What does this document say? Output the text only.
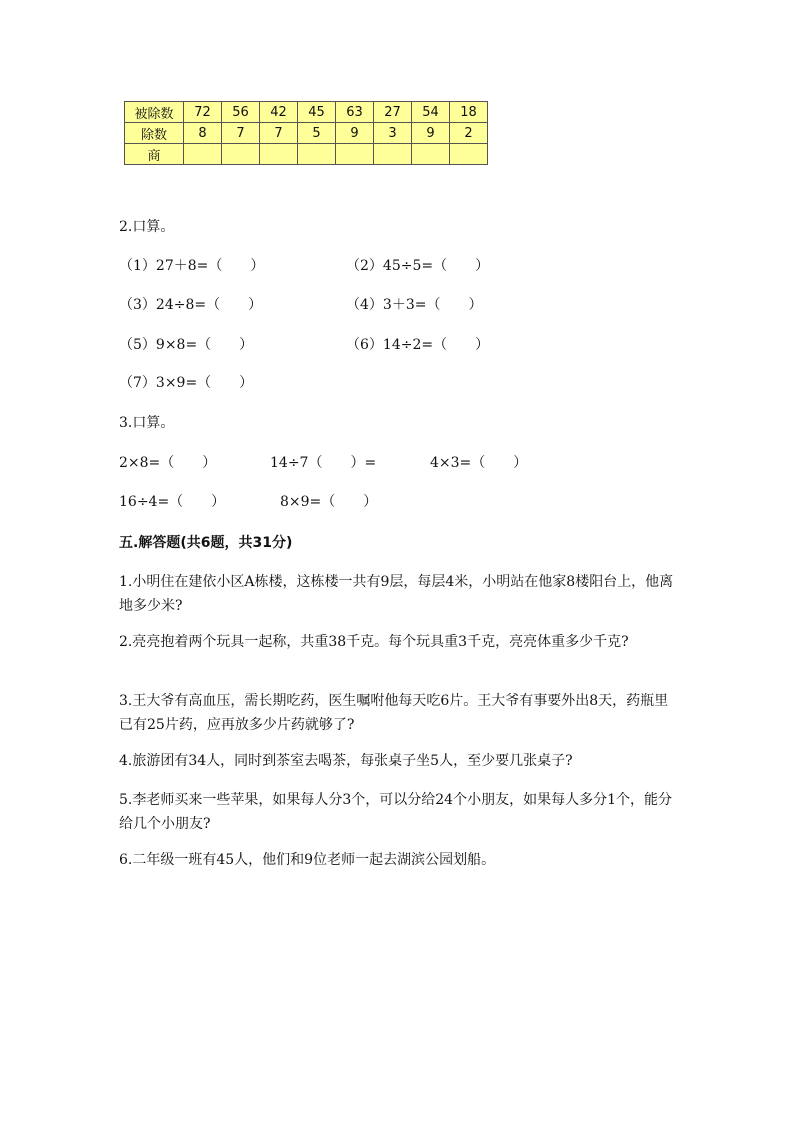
被除数	72	56	42	45	63	27	54	18
除数	8	7	7	5	9	3	9	2
商								
2.口算。
（1）27＋8=（　　）	（2）45÷5=（　　）
（3）24÷8=（　　）	（4）3＋3=（　　）
（5）9×8=（　　）	（6）14÷2=（　　）
（7）3×9=（　　）
3.口算。
2×8=（　　）	14÷7（　　）=	4×3=（　　）
16÷4=（　　）	8×9=（　　）
五.解答题(共6题，共31分)
1.小明住在建依小区A栋楼，这栋楼一共有9层，每层4米，小明站在他家8楼阳台上，他离地多少米?
2.亮亮抱着两个玩具一起称，共重38千克。每个玩具重3千克，亮亮体重多少千克?
3.王大爷有高血压，需长期吃药，医生嘱咐他每天吃6片。王大爷有事要外出8天，药瓶里已有25片药，应再放多少片药就够了?
4.旅游团有34人，同时到茶室去喝茶，每张桌子坐5人，至少要几张桌子?
5.李老师买来一些苹果，如果每人分3个，可以分给24个小朋友，如果每人多分1个，能分给几个小朋友?
6.二年级一班有45人，他们和9位老师一起去湖滨公园划船。
